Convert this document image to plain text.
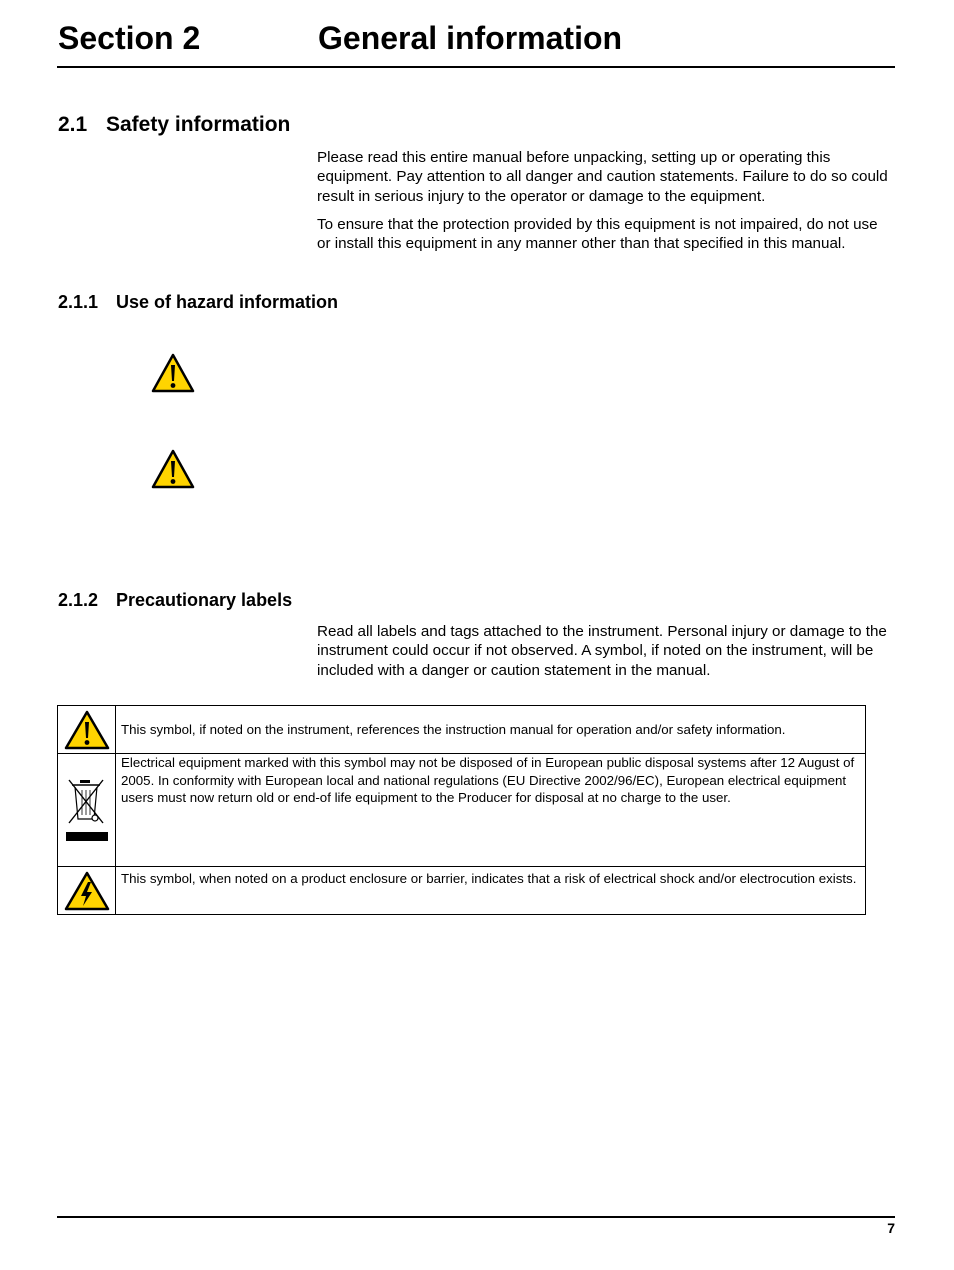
Section 2	General information
2.1 Safety information

Please read this entire manual before unpacking, setting up or operating this equipment. Pay attention to all danger and caution statements. Failure to do so could result in serious injury to the operator or damage to the equipment.

To ensure that the protection provided by this equipment is not impaired, do not use or install this equipment in any manner other than that specified in this manual.

2.1.1 Use of hazard information
2.1.2 Precautionary labels

Read all labels and tags attached to the instrument. Personal injury or damage to the instrument could occur if not observed. A symbol, if noted on the instrument, will be included with a danger or caution statement in the manual.

	This symbol, if noted on the instrument, references the instruction manual for operation and/or safety information.

	Electrical equipment marked with this symbol may not be disposed of in European public disposal systems after 12 August of 2005. In conformity with European local and national regulations (EU Directive 2002/96/EC), European electrical equipment users must now return old or end-of life equipment to the Producer for disposal at no charge to the user.

	This symbol, when noted on a product enclosure or barrier, indicates that a risk of electrical shock and/or electrocution exists.
7
